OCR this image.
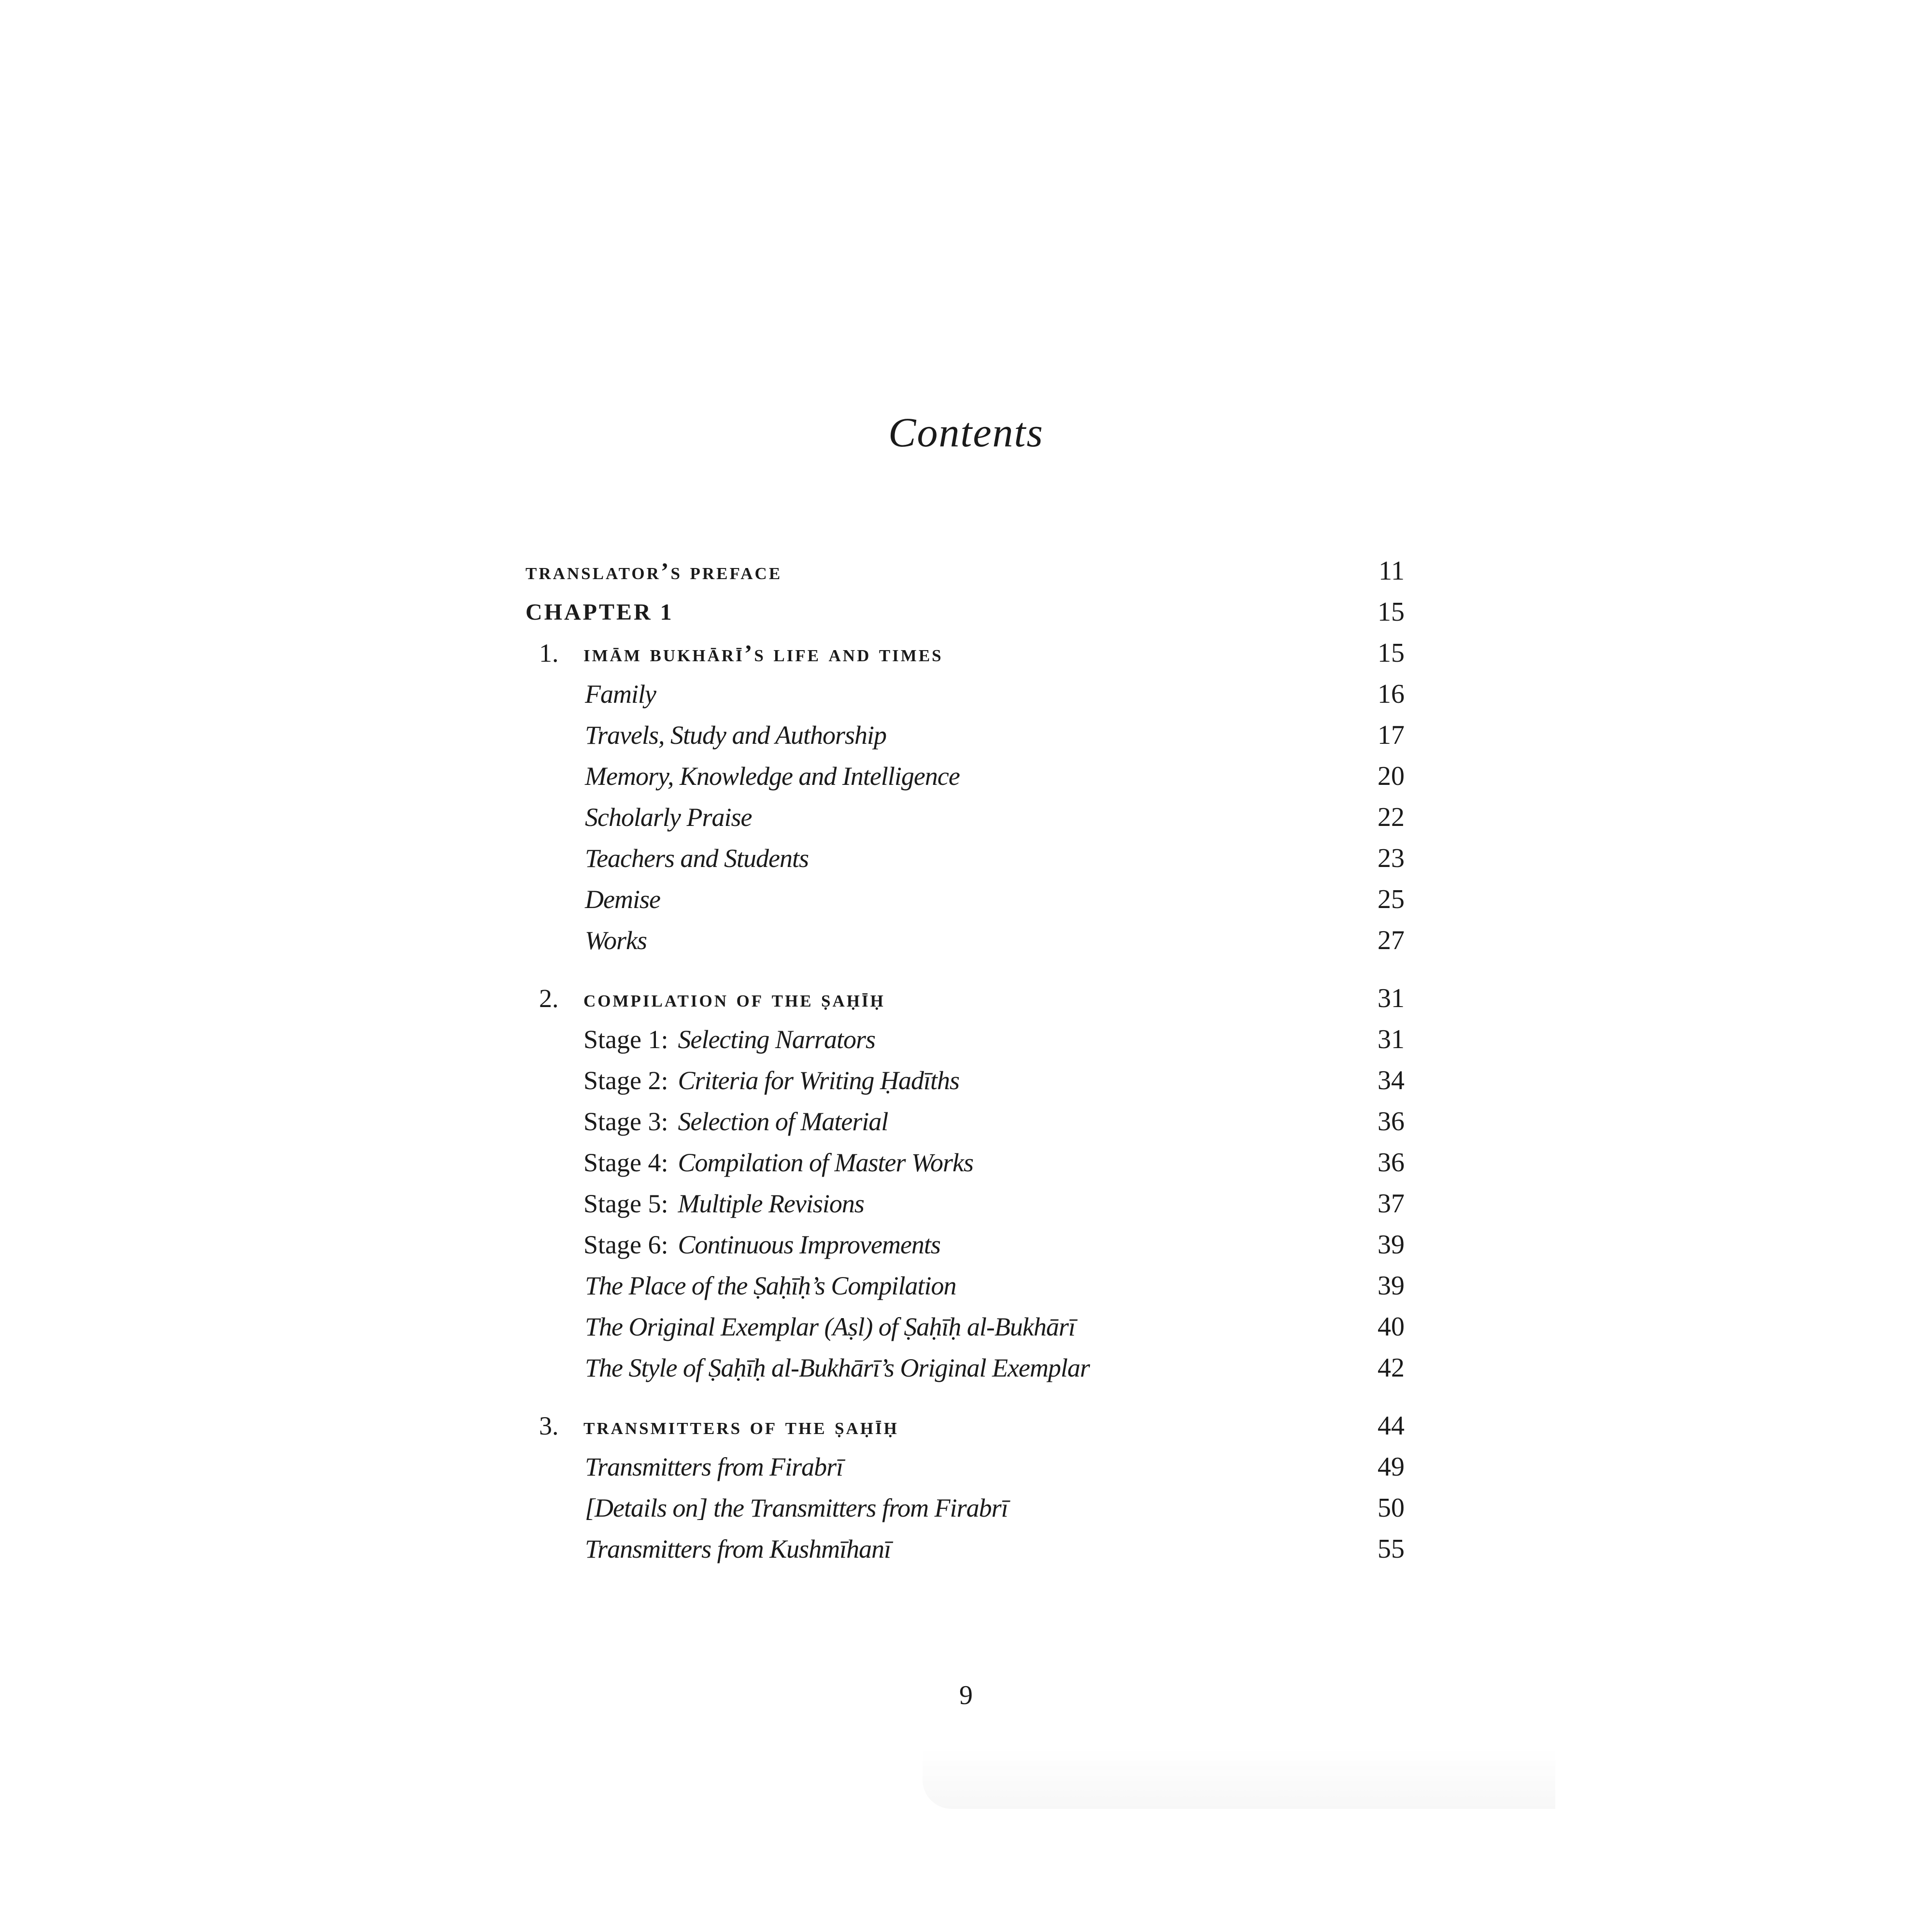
Contents
translator’s preface	11
CHAPTER 1	15
1. imām bukhārī’s life and times	15
Family	16
Travels, Study and Authorship	17
Memory, Knowledge and Intelligence	20
Scholarly Praise	22
Teachers and Students	23
Demise	25
Works	27
2. compilation of the ṣaḥīḥ	31
Stage 1: Selecting Narrators	31
Stage 2: Criteria for Writing Ḥadīths	34
Stage 3: Selection of Material	36
Stage 4: Compilation of Master Works	36
Stage 5: Multiple Revisions	37
Stage 6: Continuous Improvements	39
The Place of the Ṣaḥīḥ’s Compilation	39
The Original Exemplar (Aṣl) of Ṣaḥīḥ al-Bukhārī	40
The Style of Ṣaḥīḥ al-Bukhārī’s Original Exemplar	42
3. transmitters of the ṣaḥīḥ	44
Transmitters from Firabrī	49
[Details on] the Transmitters from Firabrī	50
Transmitters from Kushmīhanī	55
9
